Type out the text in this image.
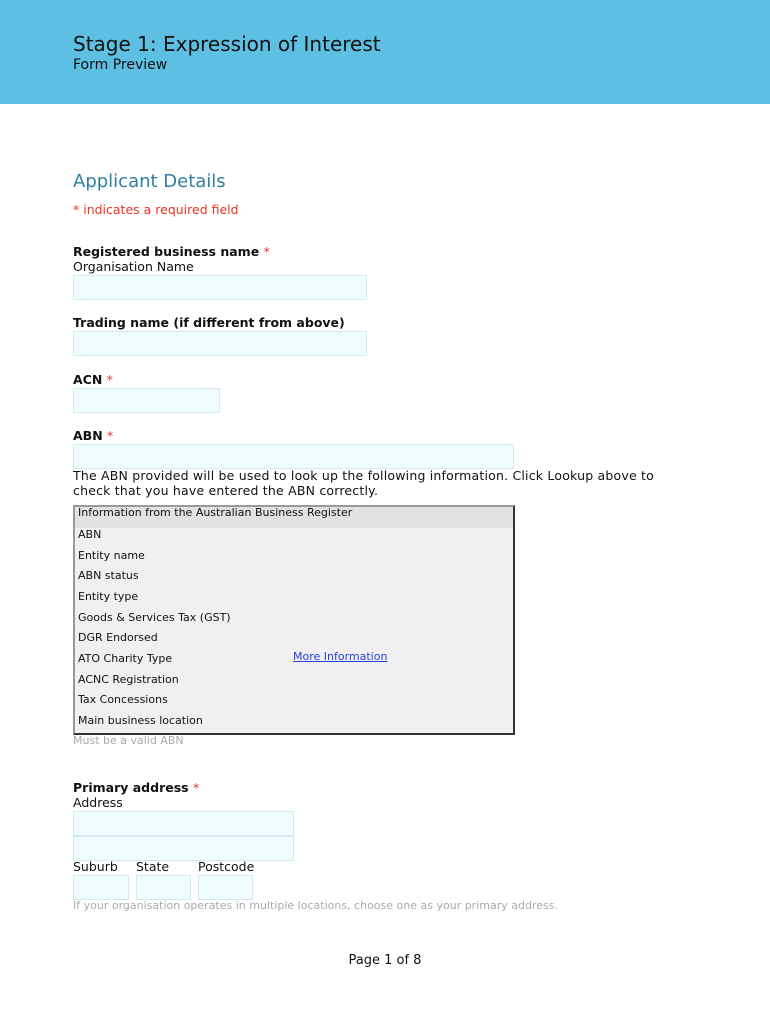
Stage 1: Expression of Interest
Form Preview
Applicant Details
* indicates a required field
Registered business name *
Organisation Name
Trading name (if different from above)
ACN *
ABN *
The ABN provided will be used to look up the following information. Click Lookup above to check that you have entered the ABN correctly.
Information from the Australian Business Register
ABN
Entity name
ABN status
Entity type
Goods & Services Tax (GST)
DGR Endorsed
ATO Charity Type
ACNC Registration
Tax Concessions
Main business location
More Information
Must be a valid ABN
Primary address *
Address
Suburb State Postcode
If your organisation operates in multiple locations, choose one as your primary address.
Page 1 of 8
